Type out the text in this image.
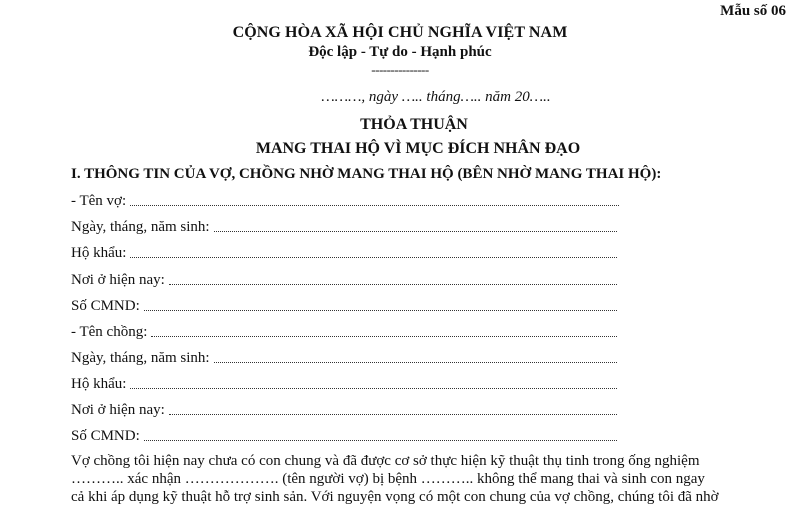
Mẫu số 06
CỘNG HÒA XÃ HỘI CHỦ NGHĨA VIỆT NAM
Độc lập - Tự do - Hạnh phúc
---------------
………, ngày ….. tháng….. năm 20…..
THỎA THUẬN
MANG THAI HỘ VÌ MỤC ĐÍCH NHÂN ĐẠO
I. THÔNG TIN CỦA VỢ, CHỒNG NHỜ MANG THAI HỘ (BÊN NHỜ MANG THAI HỘ):
- Tên vợ:
Ngày, tháng, năm sinh:
Hộ khẩu:
Nơi ở hiện nay:
Số CMND:
- Tên chồng:
Ngày, tháng, năm sinh:
Hộ khẩu:
Nơi ở hiện nay:
Số CMND:
Vợ chồng tôi hiện nay chưa có con chung và đã được cơ sở thực hiện kỹ thuật thụ tinh trong ống nghiệm
……….. xác nhận ………………. (tên người vợ) bị bệnh ……….. không thể mang thai và sinh con ngay
cả khi áp dụng kỹ thuật hỗ trợ sinh sản. Với nguyện vọng có một con chung của vợ chồng, chúng tôi đã nhờ
